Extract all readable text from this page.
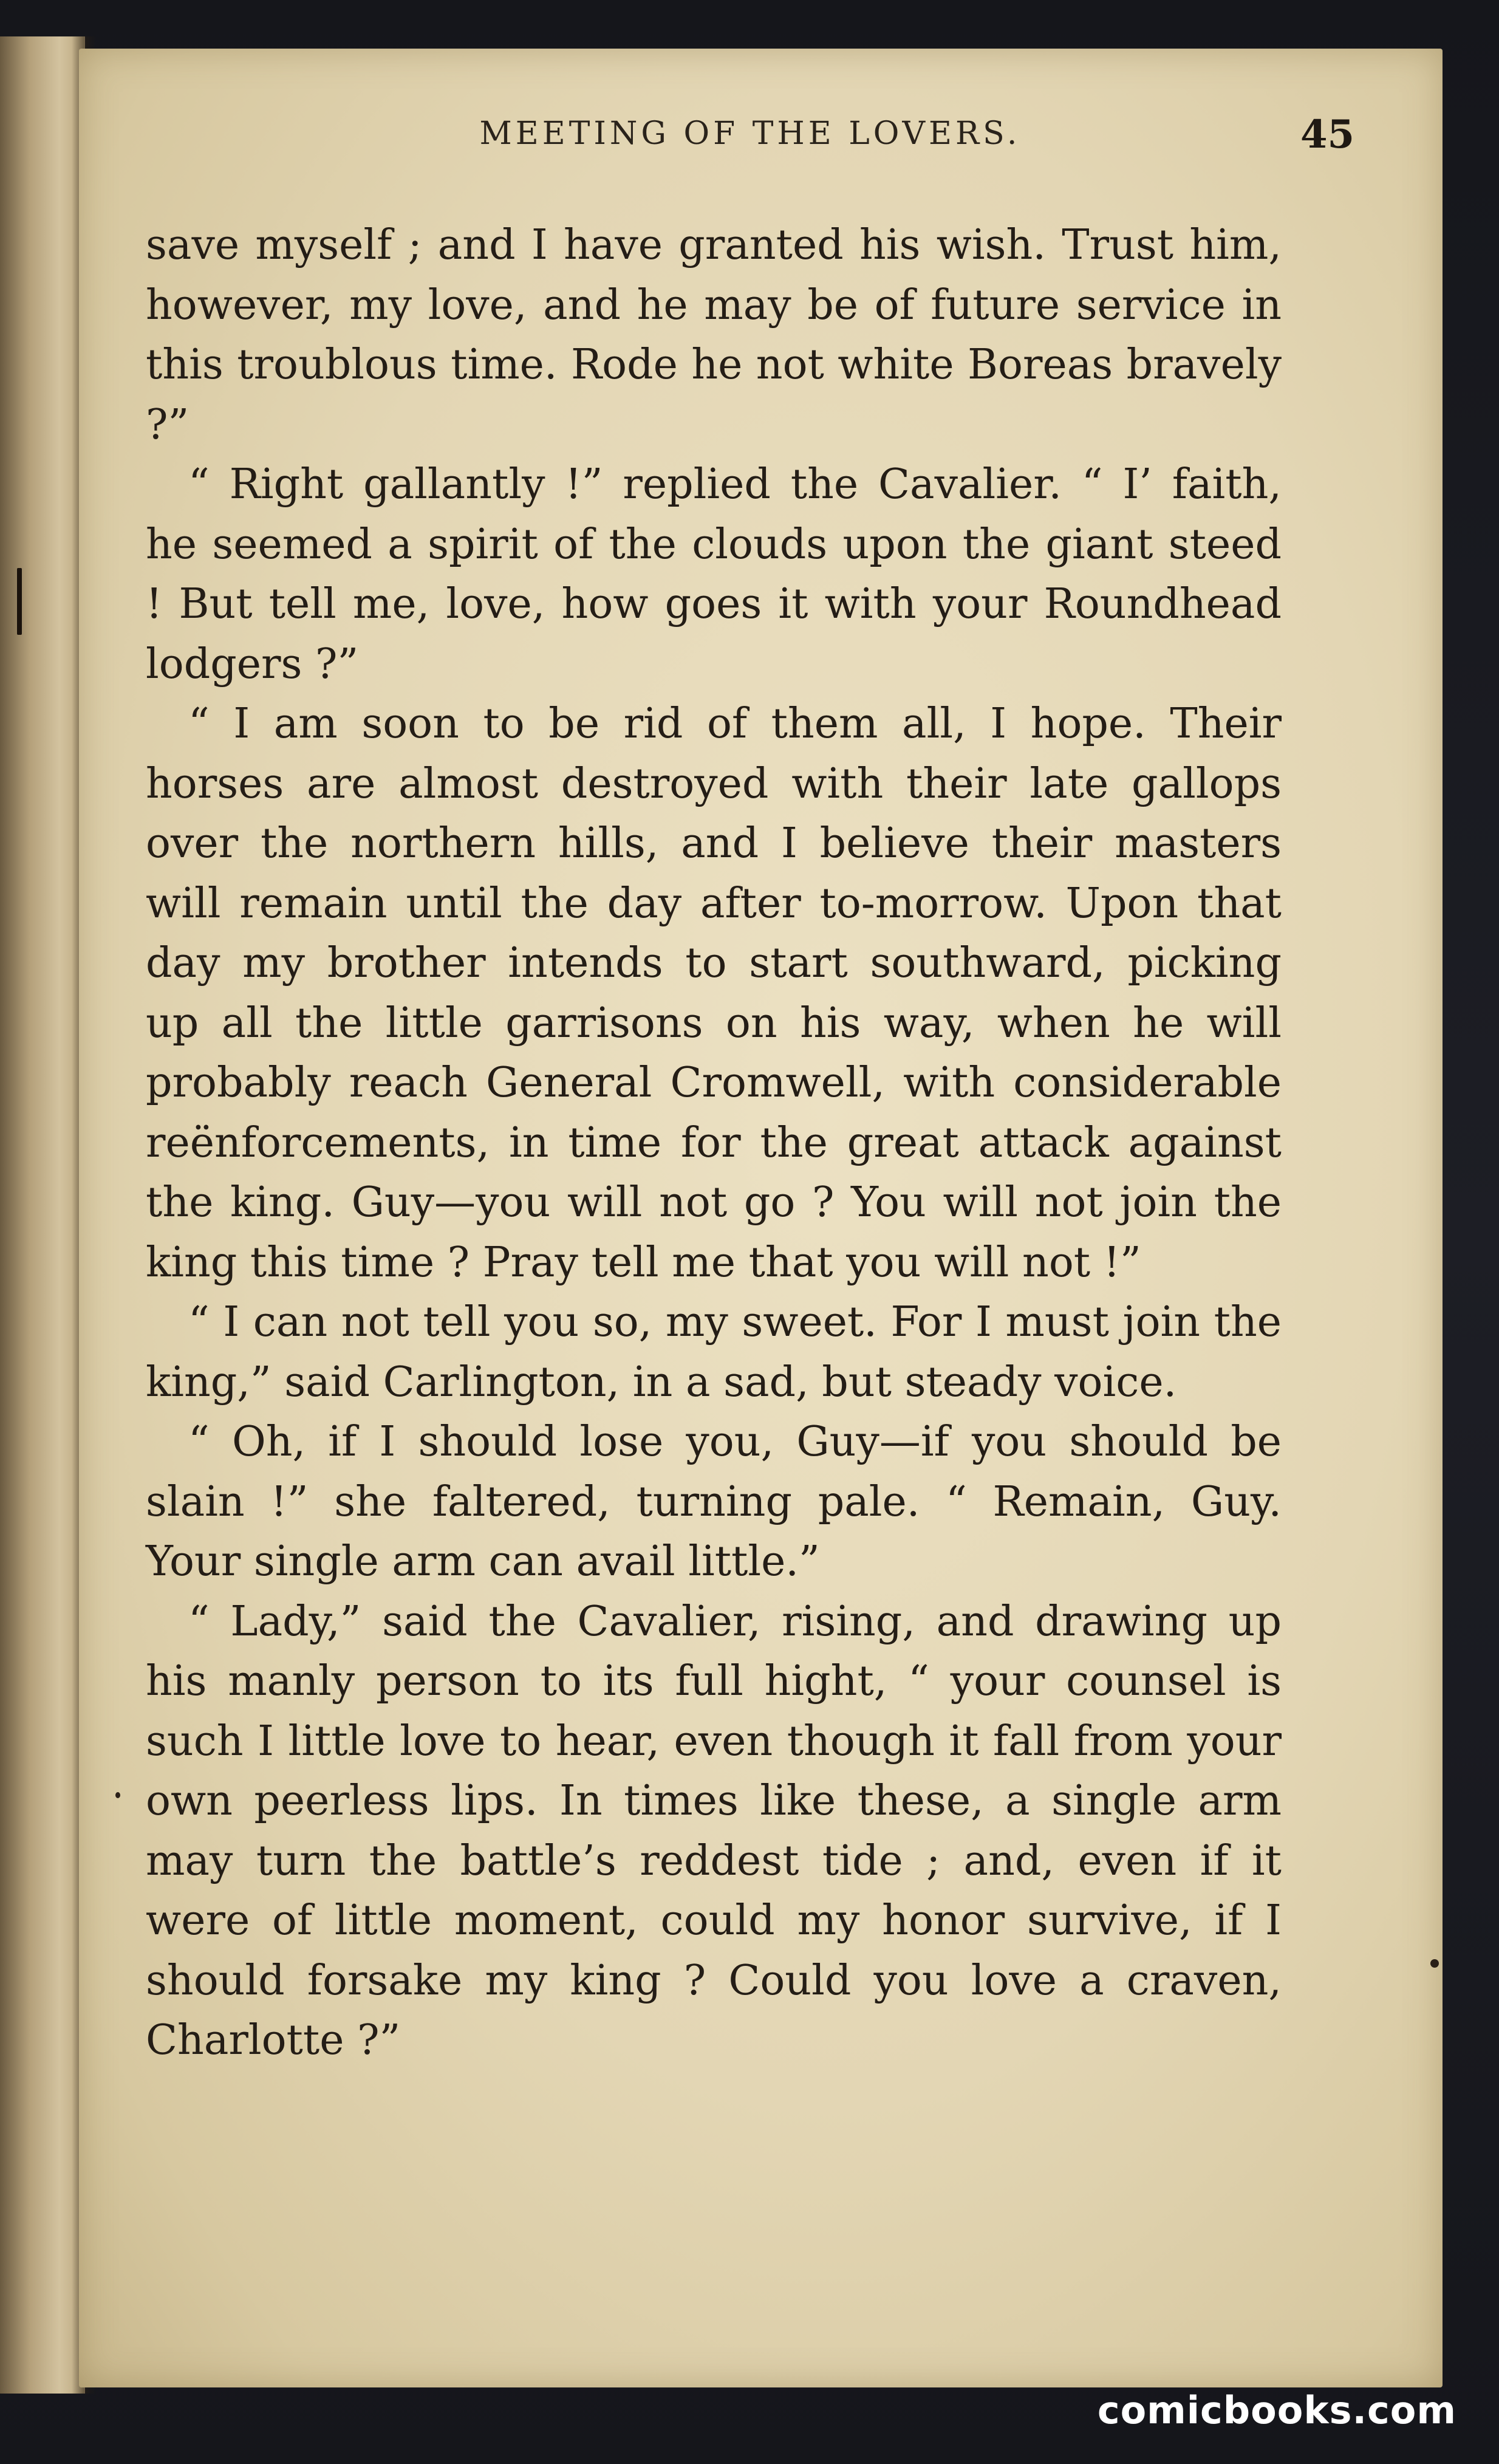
MEETING OF THE LOVERS.	45

save myself ; and I have granted his wish. Trust him, however, my love, and he may be of future service in this troublous time. Rode he not white Boreas bravely ?”

“ Right gallantly !” replied the Cavalier. “ I’ faith, he seemed a spirit of the clouds upon the giant steed ! But tell me, love, how goes it with your Roundhead lodgers ?”

“ I am soon to be rid of them all, I hope. Their horses are almost destroyed with their late gallops over the northern hills, and I believe their masters will remain until the day after to-morrow. Upon that day my brother intends to start southward, picking up all the little garrisons on his way, when he will probably reach General Cromwell, with considerable reënforcements, in time for the great attack against the king. Guy—you will not go ? You will not join the king this time ? Pray tell me that you will not !”

“ I can not tell you so, my sweet. For I must join the king,” said Carlington, in a sad, but steady voice.

“ Oh, if I should lose you, Guy—if you should be slain !” she faltered, turning pale. “ Remain, Guy. Your single arm can avail little.”

“ Lady,” said the Cavalier, rising, and drawing up his manly person to its full hight, “ your counsel is such I little love to hear, even though it fall from your own peerless lips. In times like these, a single arm may turn the battle’s reddest tide ; and, even if it were of little moment, could my honor survive, if I should forsake my king ? Could you love a craven, Charlotte ?”

comicbooks.com
